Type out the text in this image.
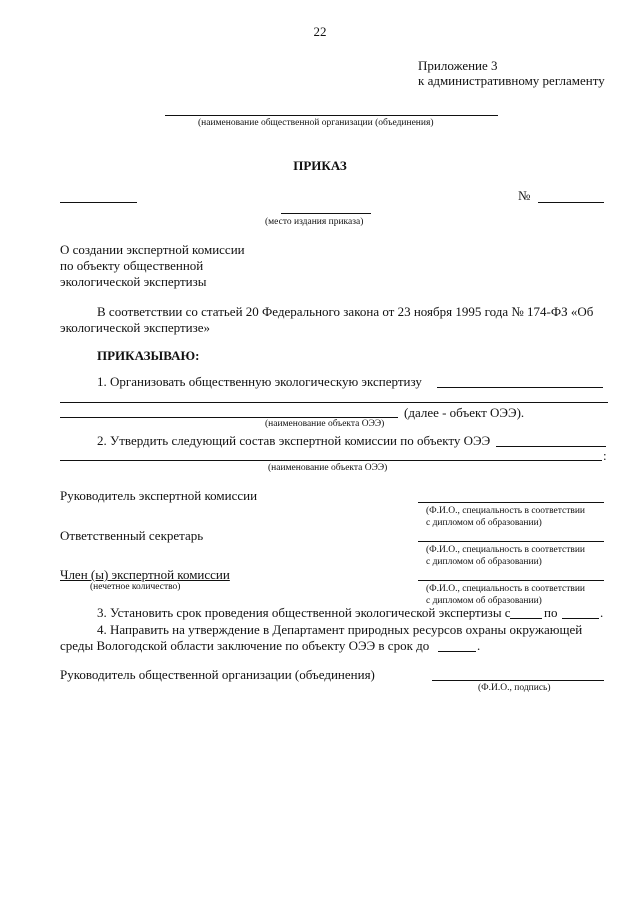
22
Приложение 3
к административному регламенту
(наименование общественной организации (объединения)
ПРИКАЗ
№
(место издания приказа)
О создании экспертной комиссии
по объекту общественной
экологической экспертизы
В соответствии со статьей 20 Федерального закона от 23 ноября 1995 года № 174-ФЗ «Об
экологической экспертизе»
ПРИКАЗЫВАЮ:
1. Организовать общественную экологическую экспертизу
(далее - объект ОЭЭ).
(наименование объекта ОЭЭ)
2. Утвердить следующий состав экспертной комиссии по объекту ОЭЭ
:
(наименование объекта ОЭЭ)
Руководитель экспертной комиссии
(Ф.И.О., специальность в соответствии
с дипломом об образовании)
Ответственный секретарь
(Ф.И.О., специальность в соответствии
с дипломом об образовании)
Член (ы) экспертной комиссии
(нечетное количество)	(Ф.И.О., специальность в соответствии
с дипломом об образовании)
3. Установить срок проведения общественной экологической экспертизы с	по	.
4. Направить на утверждение в Департамент природных ресурсов охраны окружающей
среды Вологодской области заключение по объекту ОЭЭ в срок до	.
Руководитель общественной организации (объединения)
(Ф.И.О., подпись)
